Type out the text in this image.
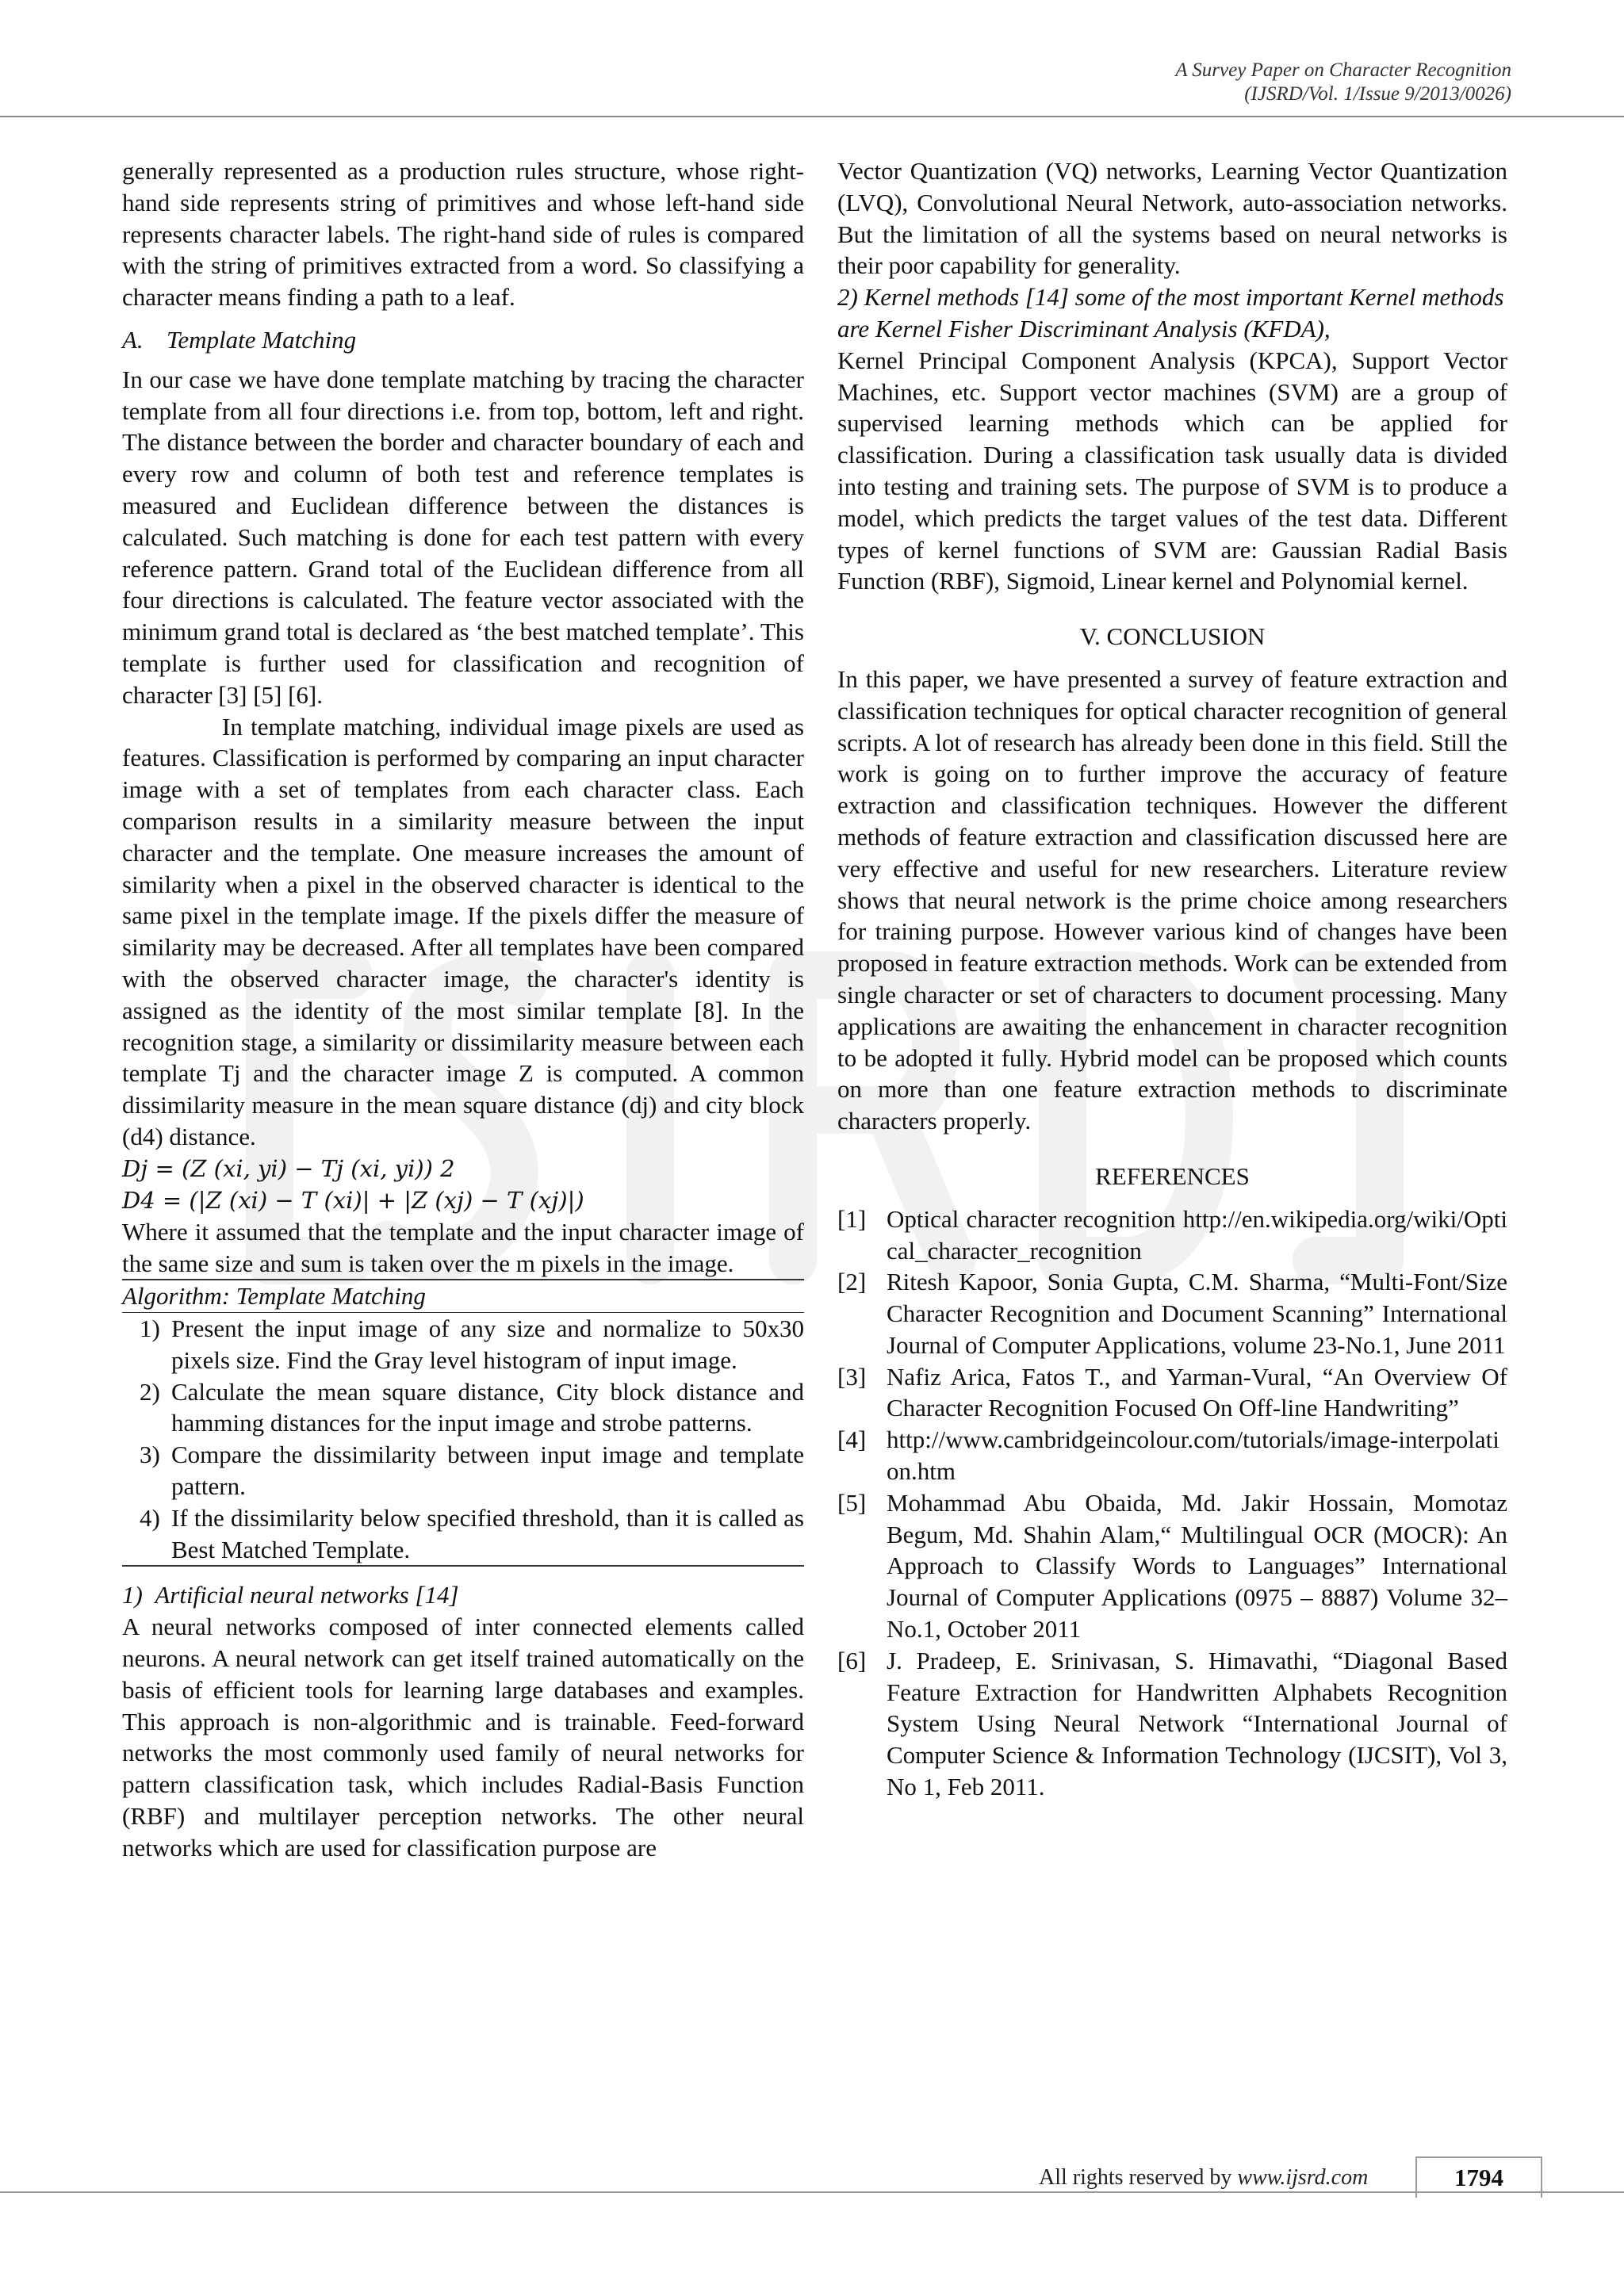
A Survey Paper on Character Recognition
(IJSRD/Vol. 1/Issue 9/2013/0026)

generally represented as a production rules structure, whose right-hand side represents string of primitives and whose left-hand side represents character labels. The right-hand side of rules is compared with the string of primitives extracted from a word. So classifying a character means finding a path to a leaf.

A. Template Matching

In our case we have done template matching by tracing the character template from all four directions i.e. from top, bottom, left and right. The distance between the border and character boundary of each and every row and column of both test and reference templates is measured and Euclidean difference between the distances is calculated. Such matching is done for each test pattern with every reference pattern. Grand total of the Euclidean difference from all four directions is calculated. The feature vector associated with the minimum grand total is declared as ‘the best matched template’. This template is further used for classification and recognition of character [3] [5] [6].

In template matching, individual image pixels are used as features. Classification is performed by comparing an input character image with a set of templates from each character class. Each comparison results in a similarity measure between the input character and the template. One measure increases the amount of similarity when a pixel in the observed character is identical to the same pixel in the template image. If the pixels differ the measure of similarity may be decreased. After all templates have been compared with the observed character image, the character's identity is assigned as the identity of the most similar template [8]. In the recognition stage, a similarity or dissimilarity measure between each template Tj and the character image Z is computed. A common dissimilarity measure in the mean square distance (dj) and city block (d4) distance.

Dj = (Z (xi, yi) − Tj (xi, yi)) 2
D4 = (|Z (xi) − T (xi)| + |Z (xj) − T (xj)|)

Where it assumed that the template and the input character image of the same size and sum is taken over the m pixels in the image.

Algorithm: Template Matching
1) Present the input image of any size and normalize to 50x30 pixels size. Find the Gray level histogram of input image.
2) Calculate the mean square distance, City block distance and hamming distances for the input image and strobe patterns.
3) Compare the dissimilarity between input image and template pattern.
4) If the dissimilarity below specified threshold, than it is called as Best Matched Template.
1) Artificial neural networks [14]

A neural networks composed of inter connected elements called neurons. A neural network can get itself trained automatically on the basis of efficient tools for learning large databases and examples. This approach is non-algorithmic and is trainable. Feed-forward networks the most commonly used family of neural networks for pattern classification task, which includes Radial-Basis Function (RBF) and multilayer perception networks. The other neural networks which are used for classification purpose are

Vector Quantization (VQ) networks, Learning Vector Quantization (LVQ), Convolutional Neural Network, auto-association networks. But the limitation of all the systems based on neural networks is their poor capability for generality.

2) Kernel methods [14] some of the most important Kernel methods are Kernel Fisher Discriminant Analysis (KFDA),

Kernel Principal Component Analysis (KPCA), Support Vector Machines, etc. Support vector machines (SVM) are a group of supervised learning methods which can be applied for classification. During a classification task usually data is divided into testing and training sets. The purpose of SVM is to produce a model, which predicts the target values of the test data. Different types of kernel functions of SVM are: Gaussian Radial Basis Function (RBF), Sigmoid, Linear kernel and Polynomial kernel.

V. CONCLUSION

In this paper, we have presented a survey of feature extraction and classification techniques for optical character recognition of general scripts. A lot of research has already been done in this field. Still the work is going on to further improve the accuracy of feature extraction and classification techniques. However the different methods of feature extraction and classification discussed here are very effective and useful for new researchers. Literature review shows that neural network is the prime choice among researchers for training purpose. However various kind of changes have been proposed in feature extraction methods. Work can be extended from single character or set of characters to document processing. Many applications are awaiting the enhancement in character recognition to be adopted it fully. Hybrid model can be proposed which counts on more than one feature extraction methods to discriminate characters properly.

REFERENCES
[1] Optical character recognition http://en.wikipedia.org/wiki/Optical_character_recognition
[2] Ritesh Kapoor, Sonia Gupta, C.M. Sharma, “Multi-Font/Size Character Recognition and Document Scanning” International Journal of Computer Applications, volume 23-No.1, June 2011
[3] Nafiz Arica, Fatos T., and Yarman-Vural, “An Overview Of Character Recognition Focused On Off-line Handwriting”
[4] http://www.cambridgeincolour.com/tutorials/image-interpolation.htm
[5] Mohammad Abu Obaida, Md. Jakir Hossain, Momotaz Begum, Md. Shahin Alam,“ Multilingual OCR (MOCR): An Approach to Classify Words to Languages” International Journal of Computer Applications (0975 – 8887) Volume 32– No.1, October 2011
[6] J. Pradeep, E. Srinivasan, S. Himavathi, “Diagonal Based Feature Extraction for Handwritten Alphabets Recognition System Using Neural Network “International Journal of Computer Science & Information Technology (IJCSIT), Vol 3, No 1, Feb 2011.
All rights reserved by www.ijsrd.com	1794
